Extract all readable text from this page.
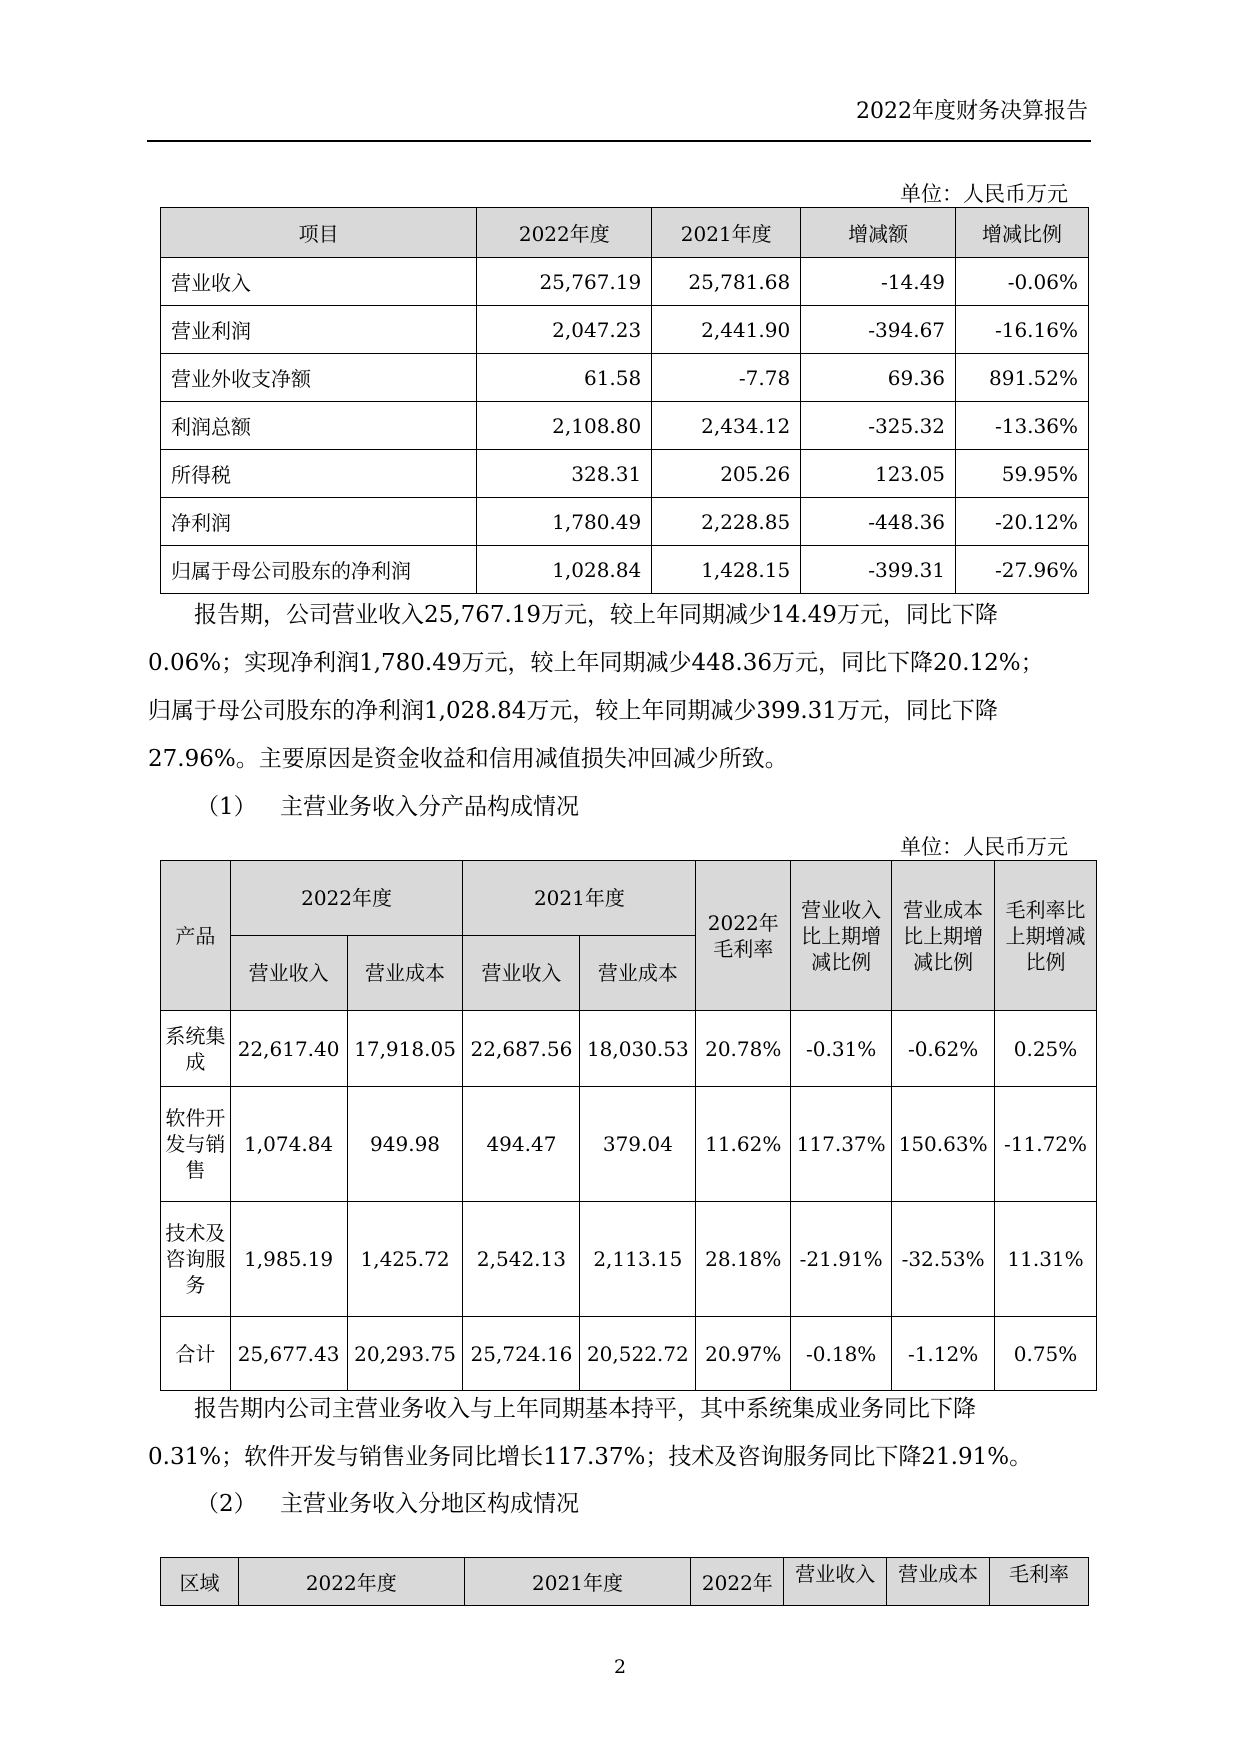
2022年度财务决算报告
单位：人民币万元
项目	2022年度	2021年度	增减额	增减比例
营业收入	25,767.19	25,781.68	-14.49	-0.06%
营业利润	2,047.23	2,441.90	-394.67	-16.16%
营业外收支净额	61.58	-7.78	69.36	891.52%
利润总额	2,108.80	2,434.12	-325.32	-13.36%
所得税	328.31	205.26	123.05	59.95%
净利润	1,780.49	2,228.85	-448.36	-20.12%
归属于母公司股东的净利润	1,028.84	1,428.15	-399.31	-27.96%
报告期，公司营业收入25,767.19万元，较上年同期减少14.49万元，同比下降
0.06%；实现净利润1,780.49万元，较上年同期减少448.36万元，同比下降20.12%；
归属于母公司股东的净利润1,028.84万元，较上年同期减少399.31万元，同比下降
27.96%。主要原因是资金收益和信用减值损失冲回减少所致。
（1） 主营业务收入分产品构成情况
单位：人民币万元
产品	2022年度		2021年度		2022年毛利率	营业收入比上期增减比例	营业成本比上期增减比例	毛利率比上期增减比例
	营业收入	营业成本	营业收入	营业成本				
系统集成	22,617.40	17,918.05	22,687.56	18,030.53	20.78%	-0.31%	-0.62%	0.25%
软件开发与销售	1,074.84	949.98	494.47	379.04	11.62%	117.37%	150.63%	-11.72%
技术及咨询服务	1,985.19	1,425.72	2,542.13	2,113.15	28.18%	-21.91%	-32.53%	11.31%
合计	25,677.43	20,293.75	25,724.16	20,522.72	20.97%	-0.18%	-1.12%	0.75%
报告期内公司主营业务收入与上年同期基本持平，其中系统集成业务同比下降
0.31%；软件开发与销售业务同比增长117.37%；技术及咨询服务同比下降21.91%。
（2） 主营业务收入分地区构成情况
区域	2022年度	2021年度	2022年	营业收入	营业成本	毛利率
2
